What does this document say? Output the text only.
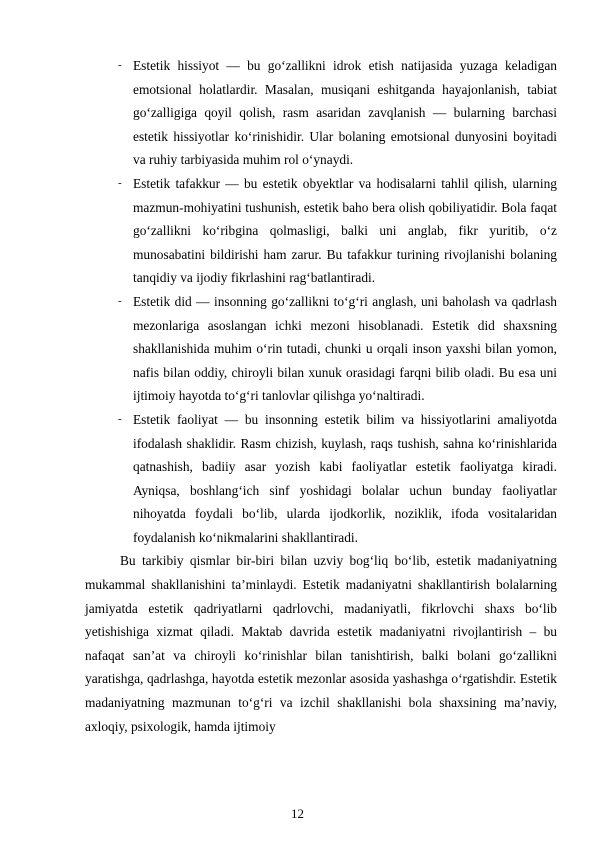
- Estetik hissiyot — bu go‘zallikni idrok etish natijasida yuzaga keladigan emotsional holatlardir. Masalan, musiqani eshitganda hayajonlanish, tabiat go‘zalligiga qoyil qolish, rasm asaridan zavqlanish — bularning barchasi estetik hissiyotlar ko‘rinishidir. Ular bolaning emotsional dunyosini boyitadi va ruhiy tarbiyasida muhim rol o‘ynaydi.

- Estetik tafakkur — bu estetik obyektlar va hodisalarni tahlil qilish, ularning mazmun-mohiyatini tushunish, estetik baho bera olish qobiliyatidir. Bola faqat go‘zallikni ko‘ribgina qolmasligi, balki uni anglab, fikr yuritib, o‘z munosabatini bildirishi ham zarur. Bu tafakkur turining rivojlanishi bolaning tanqidiy va ijodiy fikrlashini rag‘batlantiradi.

- Estetik did — insonning go‘zallikni to‘g‘ri anglash, uni baholash va qadrlash mezonlariga asoslangan ichki mezoni hisoblanadi. Estetik did shaxsning shakllanishida muhim o‘rin tutadi, chunki u orqali inson yaxshi bilan yomon, nafis bilan oddiy, chiroyli bilan xunuk orasidagi farqni bilib oladi. Bu esa uni ijtimoiy hayotda to‘g‘ri tanlovlar qilishga yo‘naltiradi.

- Estetik faoliyat — bu insonning estetik bilim va hissiyotlarini amaliyotda ifodalash shaklidir. Rasm chizish, kuylash, raqs tushish, sahna ko‘rinishlarida qatnashish, badiiy asar yozish kabi faoliyatlar estetik faoliyatga kiradi. Ayniqsa, boshlang‘ich sinf yoshidagi bolalar uchun bunday faoliyatlar nihoyatda foydali bo‘lib, ularda ijodkorlik, noziklik, ifoda vositalaridan foydalanish ko‘nikmalarini shakllantiradi.

Bu tarkibiy qismlar bir-biri bilan uzviy bog‘liq bo‘lib, estetik madaniyatning mukammal shakllanishini ta’minlaydi. Estetik madaniyatni shakllantirish bolalarning jamiyatda estetik qadriyatlarni qadrlovchi, madaniyatli, fikrlovchi shaxs bo‘lib yetishishiga xizmat qiladi. Maktab davrida estetik madaniyatni rivojlantirish – bu nafaqat san’at va chiroyli ko‘rinishlar bilan tanishtirish, balki bolani go‘zallikni yaratishga, qadrlashga, hayotda estetik mezonlar asosida yashashga o‘rgatishdir. Estetik madaniyatning mazmunan to‘g‘ri va izchil shakllanishi bola shaxsining ma’naviy, axloqiy, psixologik, hamda ijtimoiy

12
